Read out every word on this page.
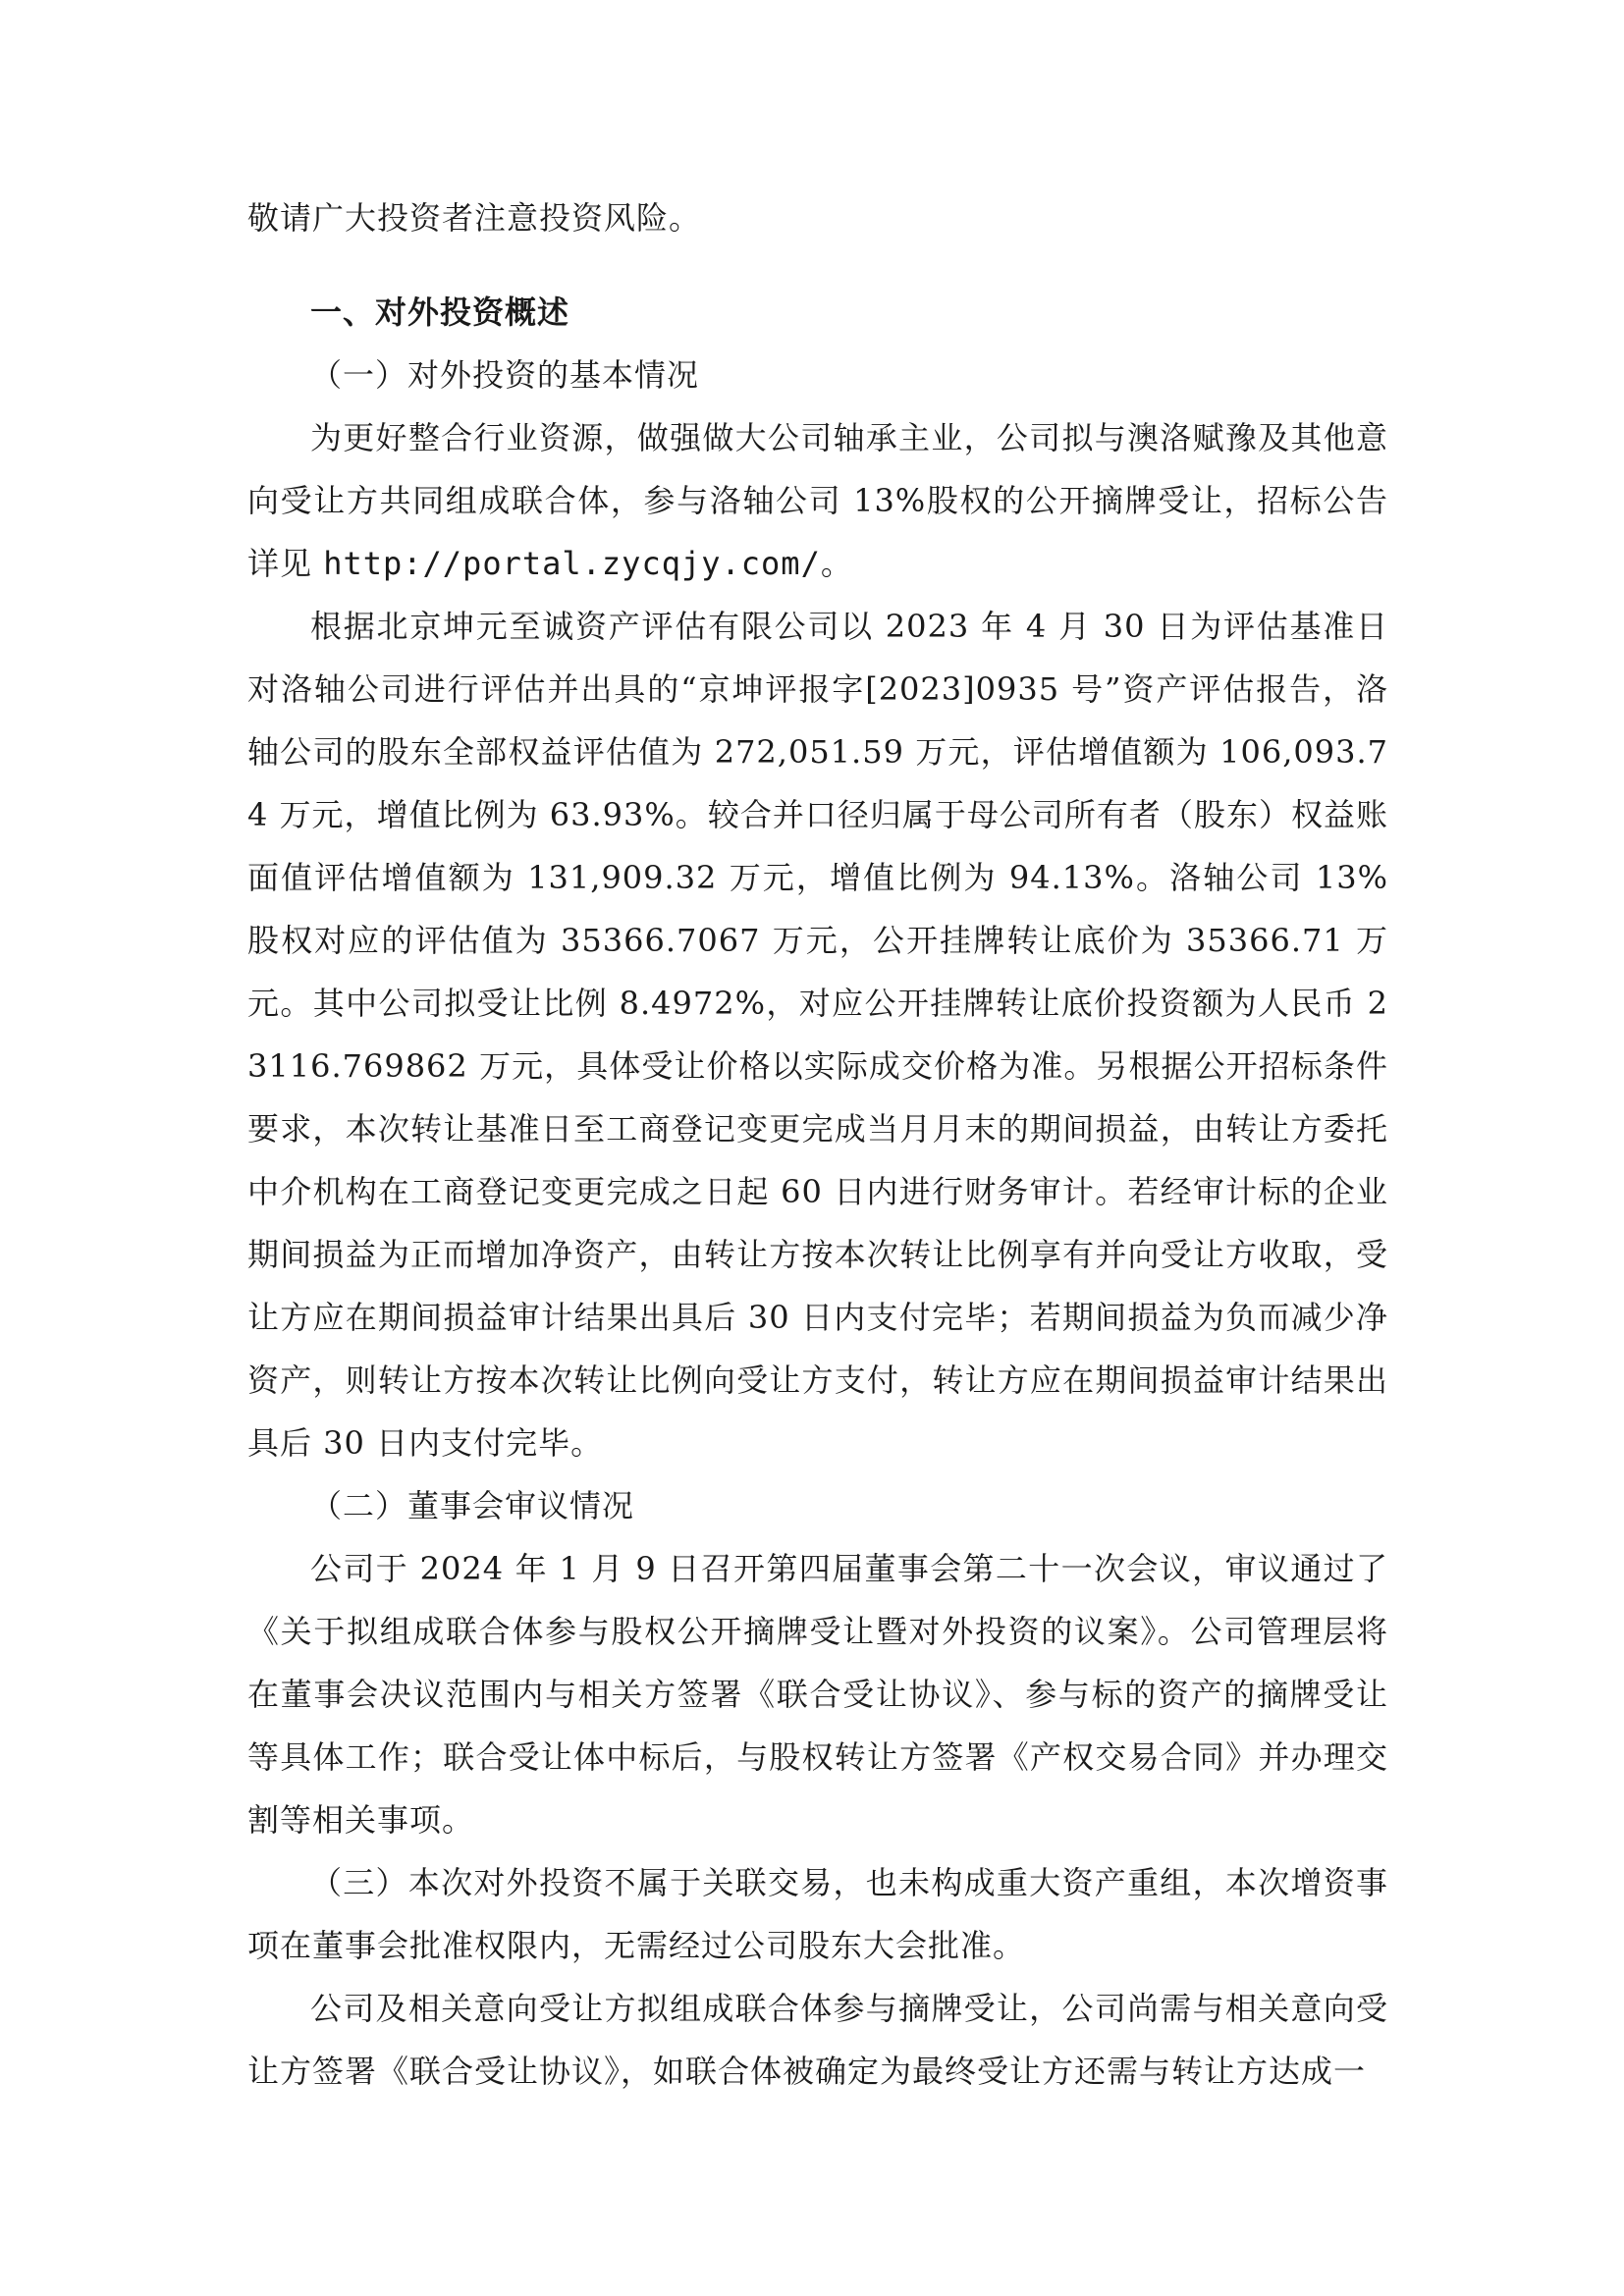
敬请广大投资者注意投资风险。

一、对外投资概述

（一）对外投资的基本情况

为更好整合行业资源，做强做大公司轴承主业，公司拟与澳洛赋豫及其他意向受让方共同组成联合体，参与洛轴公司 13%股权的公开摘牌受让，招标公告详见 http://portal.zycqjy.com/。

根据北京坤元至诚资产评估有限公司以 2023 年 4 月 30 日为评估基准日对洛轴公司进行评估并出具的“京坤评报字[2023]0935 号”资产评估报告，洛轴公司的股东全部权益评估值为 272,051.59 万元，评估增值额为 106,093.74 万元，增值比例为 63.93%。较合并口径归属于母公司所有者（股东）权益账面值评估增值额为 131,909.32 万元，增值比例为 94.13%。洛轴公司 13%股权对应的评估值为 35366.7067 万元，公开挂牌转让底价为 35366.71 万元。其中公司拟受让比例 8.4972%，对应公开挂牌转让底价投资额为人民币 23116.769862 万元，具体受让价格以实际成交价格为准。另根据公开招标条件要求，本次转让基准日至工商登记变更完成当月月末的期间损益，由转让方委托中介机构在工商登记变更完成之日起 60 日内进行财务审计。若经审计标的企业期间损益为正而增加净资产，由转让方按本次转让比例享有并向受让方收取，受让方应在期间损益审计结果出具后 30 日内支付完毕；若期间损益为负而减少净资产，则转让方按本次转让比例向受让方支付，转让方应在期间损益审计结果出具后 30 日内支付完毕。

（二）董事会审议情况

公司于 2024 年 1 月 9 日召开第四届董事会第二十一次会议，审议通过了《关于拟组成联合体参与股权公开摘牌受让暨对外投资的议案》。公司管理层将在董事会决议范围内与相关方签署《联合受让协议》、参与标的资产的摘牌受让等具体工作；联合受让体中标后，与股权转让方签署《产权交易合同》并办理交割等相关事项。

（三）本次对外投资不属于关联交易，也未构成重大资产重组，本次增资事项在董事会批准权限内，无需经过公司股东大会批准。

公司及相关意向受让方拟组成联合体参与摘牌受让，公司尚需与相关意向受让方签署《联合受让协议》，如联合体被确定为最终受让方还需与转让方达成一
